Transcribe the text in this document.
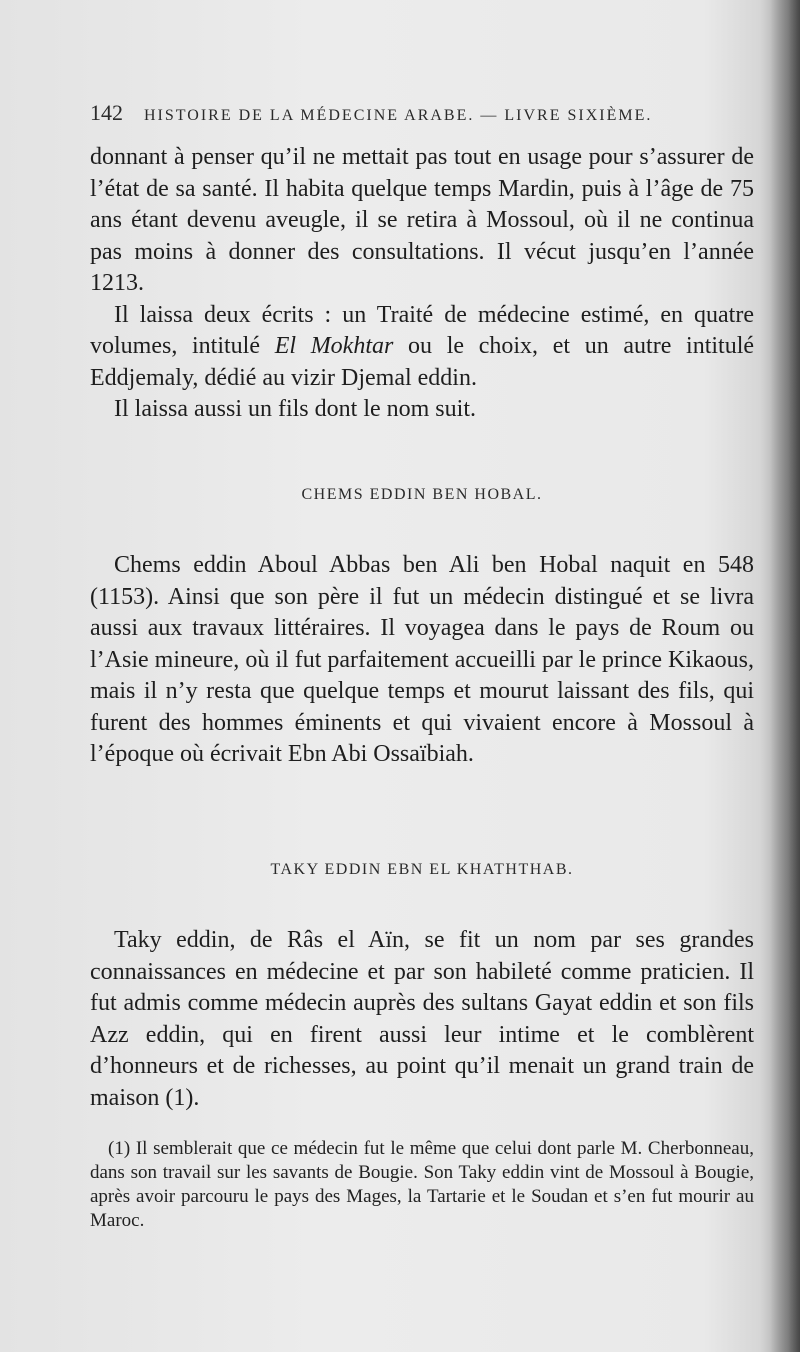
142 HISTOIRE DE LA MÉDECINE ARABE. — LIVRE SIXIÈME.

donnant à penser qu’il ne mettait pas tout en usage pour s’assurer de l’état de sa santé. Il habita quelque temps Mardin, puis à l’âge de 75 ans étant devenu aveugle, il se retira à Mossoul, où il ne continua pas moins à donner des consultations. Il vécut jusqu’en l’année 1213.

Il laissa deux écrits : un Traité de médecine estimé, en quatre volumes, intitulé El Mokhtar ou le choix, et un autre intitulé Eddjemaly, dédié au vizir Djemal eddin.

Il laissa aussi un fils dont le nom suit.

CHEMS EDDIN BEN HOBAL.

Chems eddin Aboul Abbas ben Ali ben Hobal naquit en 548 (1153). Ainsi que son père il fut un médecin distingué et se livra aussi aux travaux littéraires. Il voyagea dans le pays de Roum ou l’Asie mineure, où il fut parfaitement accueilli par le prince Kikaous, mais il n’y resta que quelque temps et mourut laissant des fils, qui furent des hommes éminents et qui vivaient encore à Mossoul à l’époque où écrivait Ebn Abi Ossaïbiah.

TAKY EDDIN EBN EL KHATHTHAB.

Taky eddin, de Râs el Aïn, se fit un nom par ses grandes connaissances en médecine et par son habileté comme praticien. Il fut admis comme médecin auprès des sultans Gayat eddin et son fils Azz eddin, qui en firent aussi leur intime et le comblèrent d’honneurs et de richesses, au point qu’il menait un grand train de maison (1).

(1) Il semblerait que ce médecin fut le même que celui dont parle M. Cherbonneau, dans son travail sur les savants de Bougie. Son Taky eddin vint de Mossoul à Bougie, après avoir parcouru le pays des Mages, la Tartarie et le Soudan et s’en fut mourir au Maroc.
